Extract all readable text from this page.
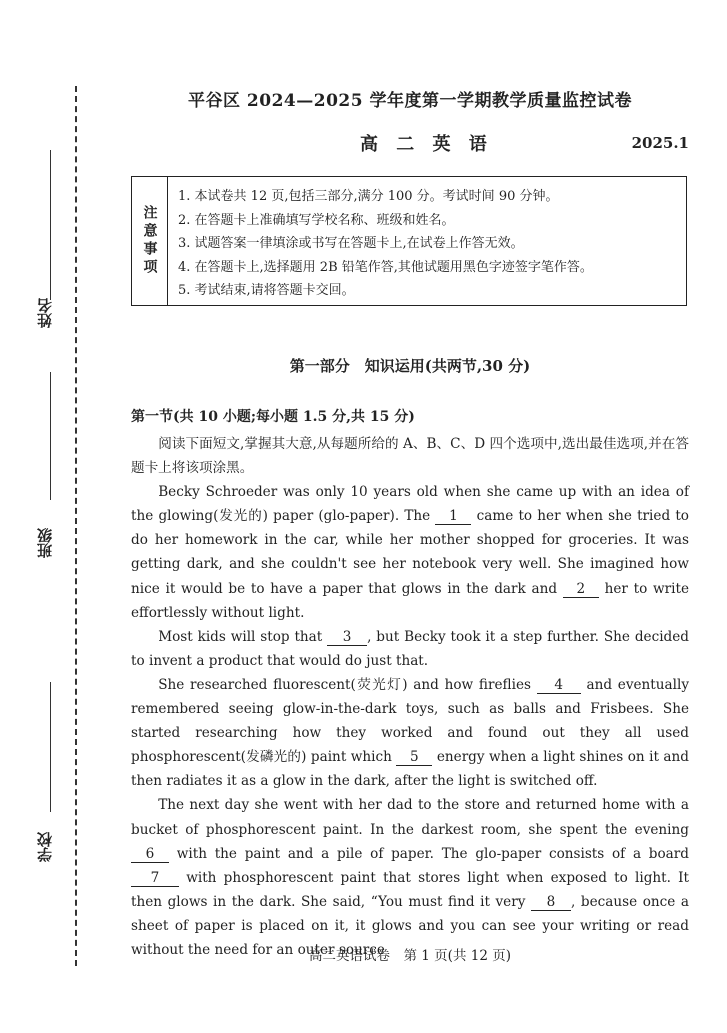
姓名
班级
学校
平谷区 2024—2025 学年度第一学期教学质量监控试卷
高 二 英 语	2025.1
注意事项
1. 本试卷共 12 页,包括三部分,满分 100 分。考试时间 90 分钟。
2. 在答题卡上准确填写学校名称、班级和姓名。
3. 试题答案一律填涂或书写在答题卡上,在试卷上作答无效。
4. 在答题卡上,选择题用 2B 铅笔作答,其他试题用黑色字迹签字笔作答。
5. 考试结束,请将答题卡交回。
第一部分　知识运用(共两节,30 分)
第一节(共 10 小题;每小题 1.5 分,共 15 分)

阅读下面短文,掌握其大意,从每题所给的 A、B、C、D 四个选项中,选出最佳选项,并在答题卡上将该项涂黑。

Becky Schroeder was only 10 years old when she came up with an idea of the glowing(发光的) paper (glo-paper). The 1 came to her when she tried to do her homework in the car, while her mother shopped for groceries. It was getting dark, and she couldn't see her notebook very well. She imagined how nice it would be to have a paper that glows in the dark and 2 her to write effortlessly without light.

Most kids will stop that 3 , but Becky took it a step further. She decided to invent a product that would do just that.

She researched fluorescent(荧光灯) and how fireflies 4 and eventually remembered seeing glow-in-the-dark toys, such as balls and Frisbees. She started researching how they worked and found out they all used phosphorescent(发磷光的) paint which 5 energy when a light shines on it and then radiates it as a glow in the dark, after the light is switched off.

The next day she went with her dad to the store and returned home with a bucket of phosphorescent paint. In the darkest room, she spent the evening 6 with the paint and a pile of paper. The glo-paper consists of a board 7 with phosphorescent paint that stores light when exposed to light. It then glows in the dark. She said, “You must find it very 8 , because once a sheet of paper is placed on it, it glows and you can see your writing or read without the need for an outer source

高二英语试卷　第 1 页(共 12 页)
